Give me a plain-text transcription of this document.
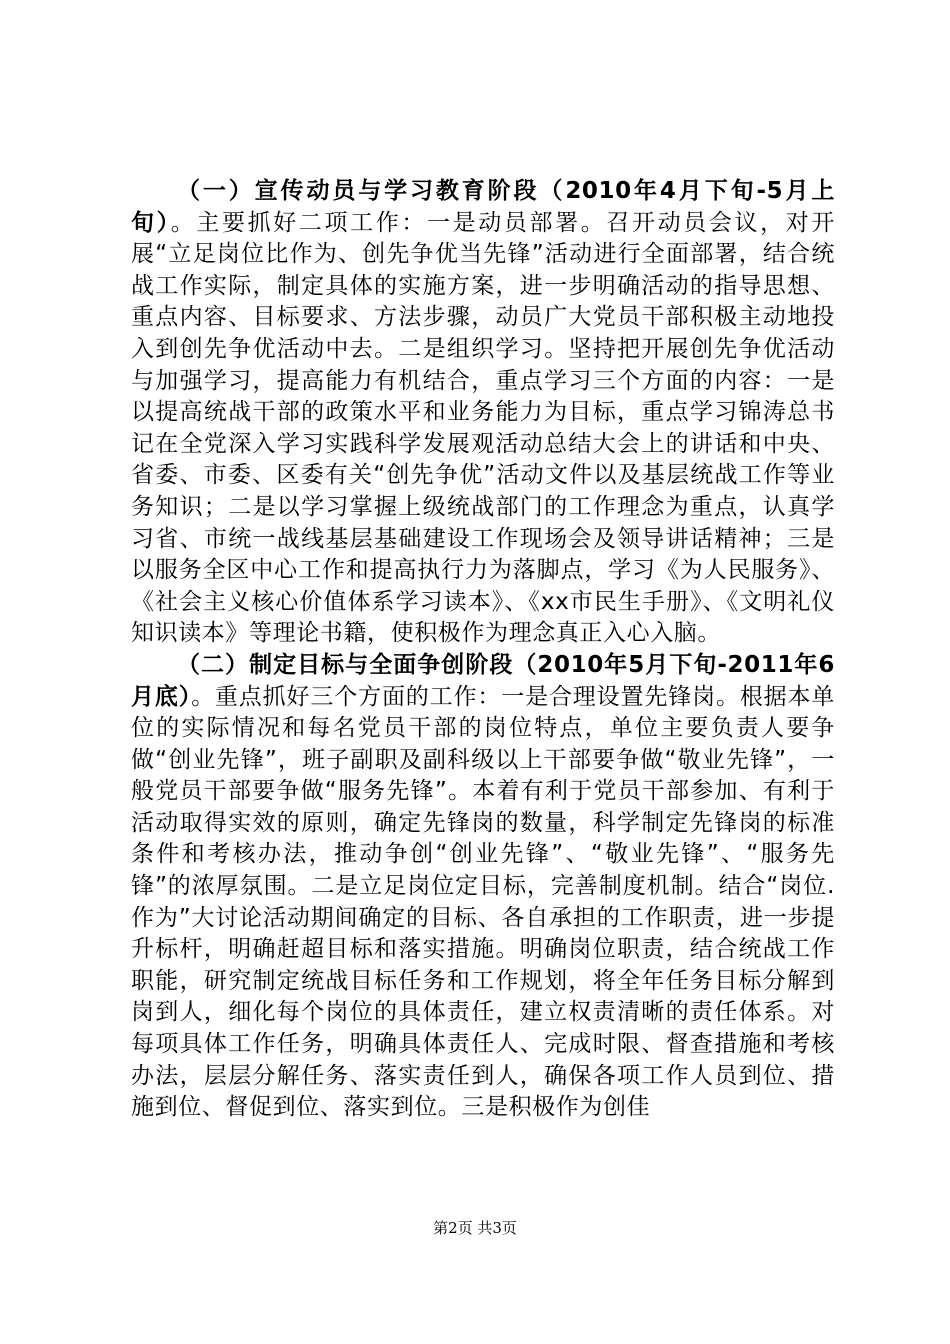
（一）宣传动员与学习教育阶段（2010年4月下旬-5月上旬）。主要抓好二项工作：一是动员部署。召开动员会议，对开展“立足岗位比作为、创先争优当先锋”活动进行全面部署，结合统战工作实际，制定具体的实施方案，进一步明确活动的指导思想、重点内容、目标要求、方法步骤，动员广大党员干部积极主动地投入到创先争优活动中去。二是组织学习。坚持把开展创先争优活动与加强学习，提高能力有机结合，重点学习三个方面的内容：一是以提高统战干部的政策水平和业务能力为目标，重点学习锦涛总书记在全党深入学习实践科学发展观活动总结大会上的讲话和中央、省委、市委、区委有关“创先争优”活动文件以及基层统战工作等业务知识；二是以学习掌握上级统战部门的工作理念为重点，认真学习省、市统一战线基层基础建设工作现场会及领导讲话精神；三是以服务全区中心工作和提高执行力为落脚点，学习《为人民服务》、《社会主义核心价值体系学习读本》、《xx市民生手册》、《文明礼仪知识读本》等理论书籍，使积极作为理念真正入心入脑。

（二）制定目标与全面争创阶段（2010年5月下旬-2011年6月底）。重点抓好三个方面的工作：一是合理设置先锋岗。根据本单位的实际情况和每名党员干部的岗位特点，单位主要负责人要争做“创业先锋”，班子副职及副科级以上干部要争做“敬业先锋”，一般党员干部要争做“服务先锋”。本着有利于党员干部参加、有利于活动取得实效的原则，确定先锋岗的数量，科学制定先锋岗的标准条件和考核办法，推动争创“创业先锋”、“敬业先锋”、“服务先锋”的浓厚氛围。二是立足岗位定目标，完善制度机制。结合“岗位.作为”大讨论活动期间确定的目标、各自承担的工作职责，进一步提升标杆，明确赶超目标和落实措施。明确岗位职责，结合统战工作职能，研究制定统战目标任务和工作规划，将全年任务目标分解到岗到人，细化每个岗位的具体责任，建立权责清晰的责任体系。对每项具体工作任务，明确具体责任人、完成时限、督查措施和考核办法，层层分解任务、落实责任到人，确保各项工作人员到位、措施到位、督促到位、落实到位。三是积极作为创佳

第2页 共3页
